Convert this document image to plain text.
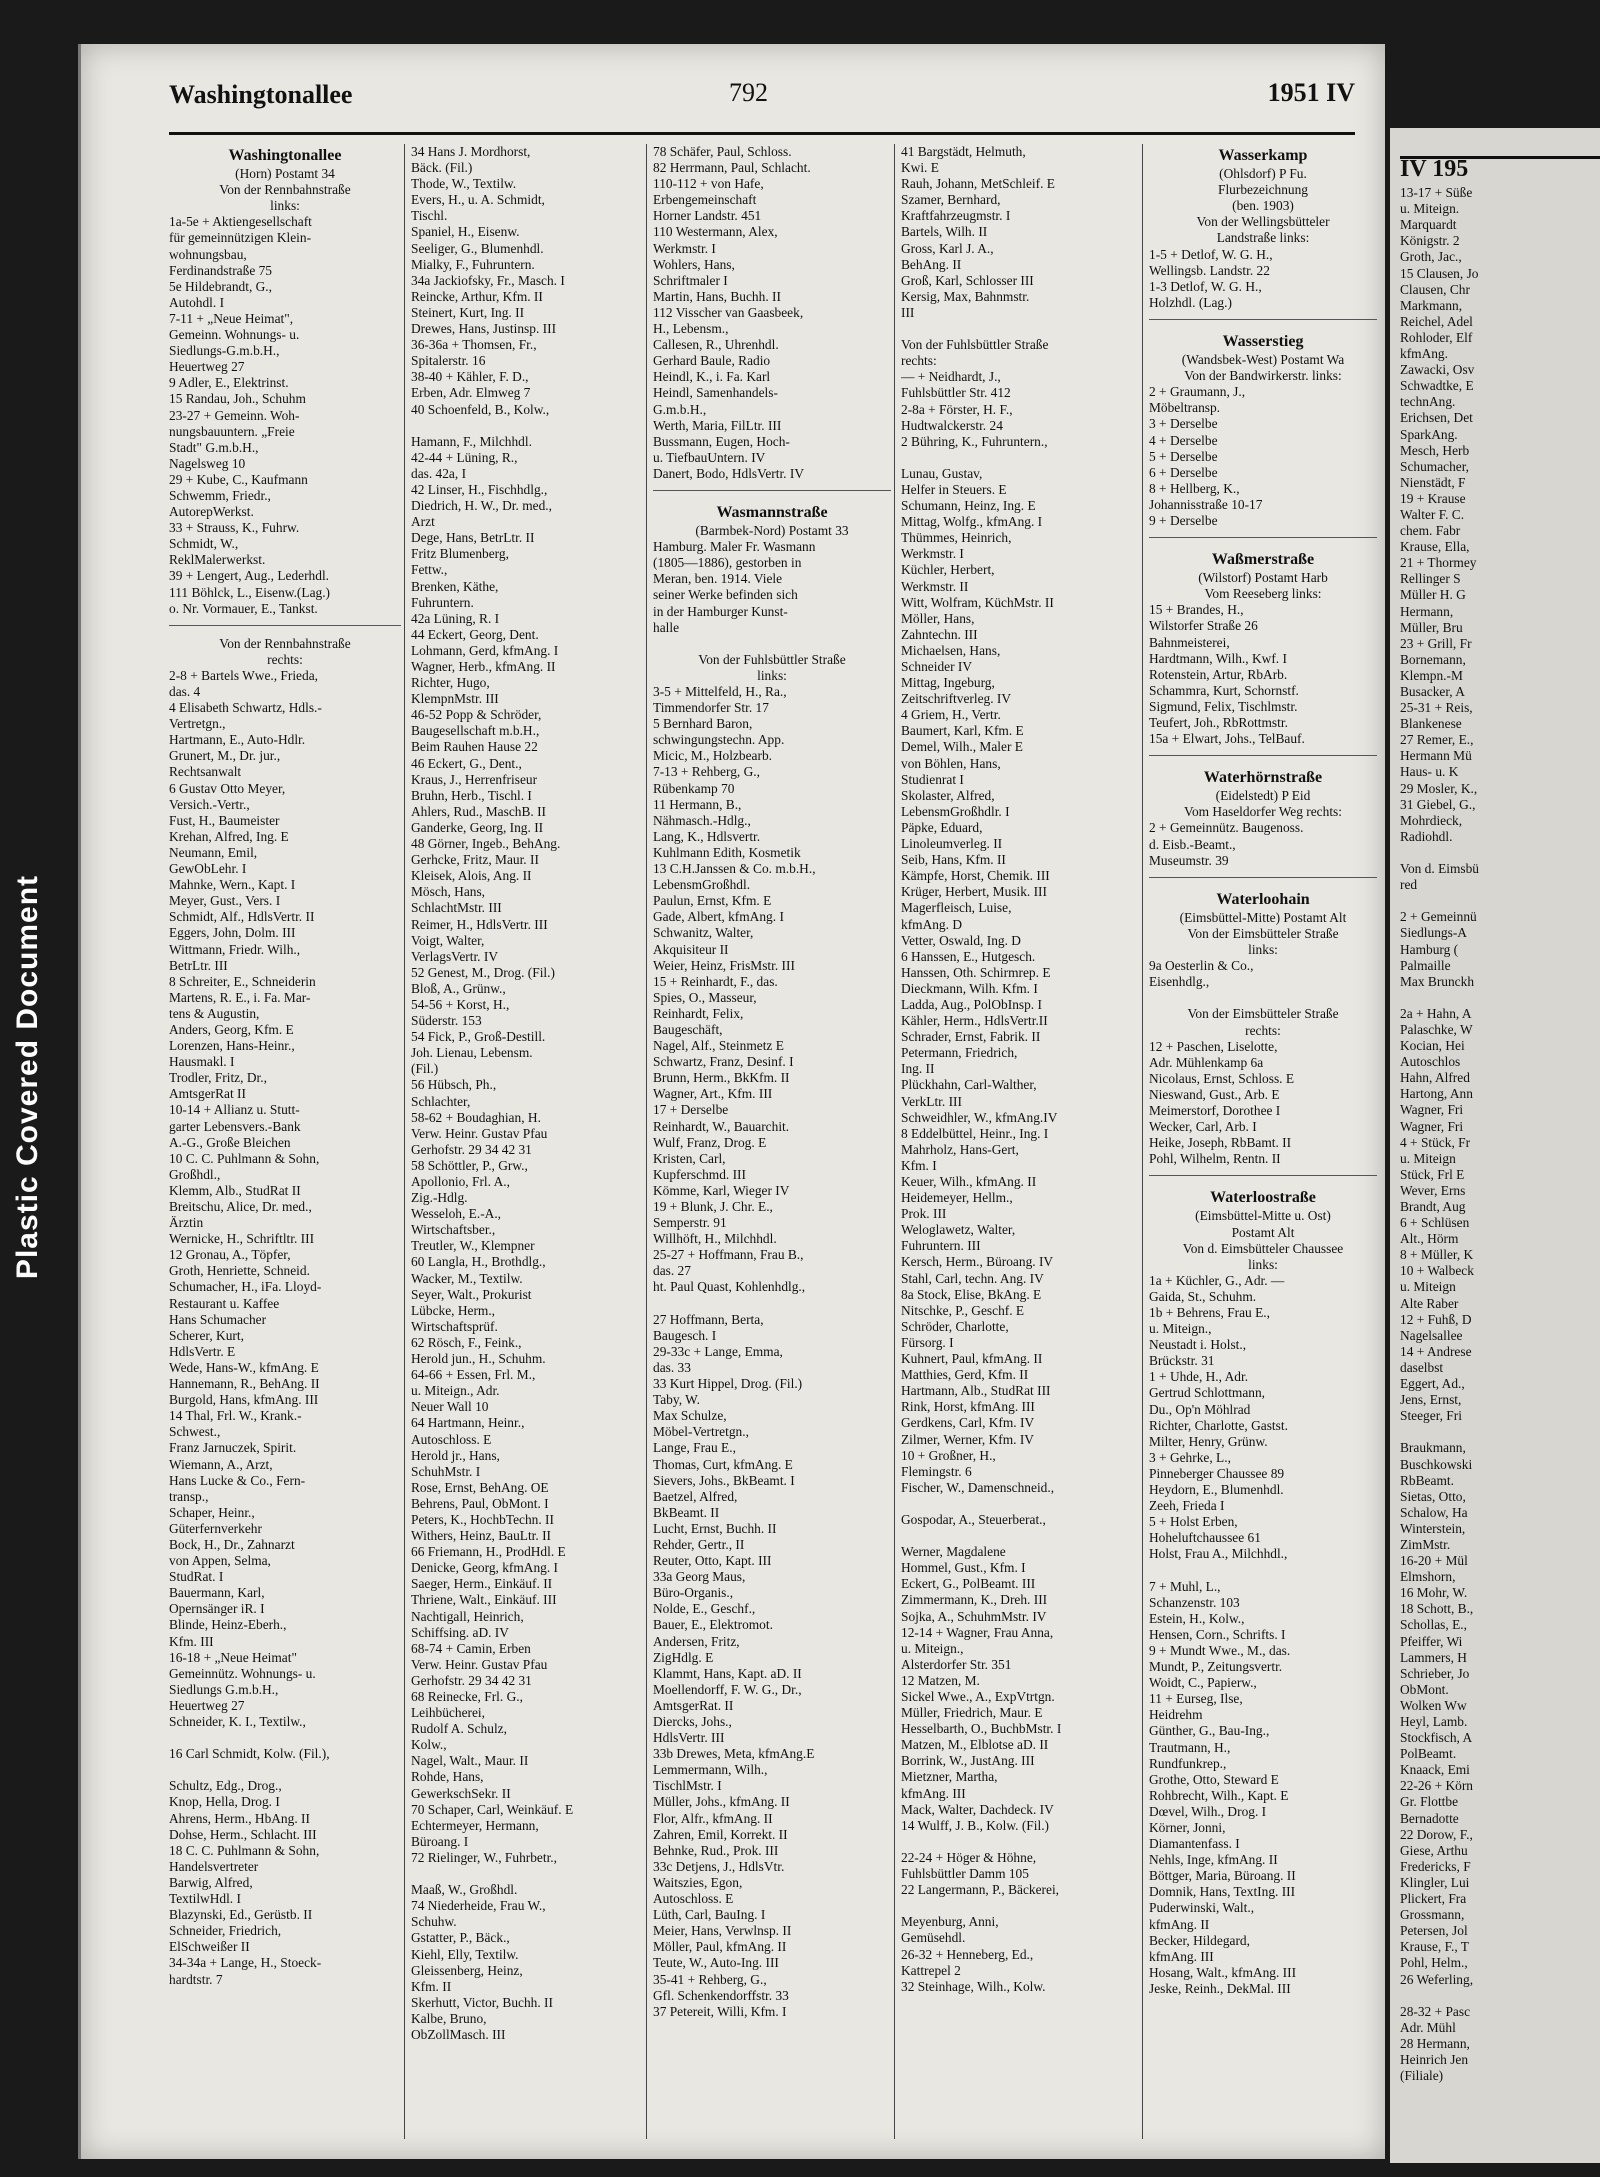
Plastic Covered Document
Washingtonallee	792	1951 IV

Washingtonallee

(Horn) Postamt 34

Von der Rennbahnstraße

links:

1a-5e + Aktiengesellschaft

für gemeinnützigen Klein-

wohnungsbau,

Ferdinandstraße 75

5e Hildebrandt, G.,

Autohdl. I

7-11 + „Neue Heimat",

Gemeinn. Wohnungs- u.

Siedlungs-G.m.b.H.,

Heuertweg 27

9 Adler, E., Elektrinst.

15 Randau, Joh., Schuhm

23-27 + Gemeinn. Woh-

nungsbauuntern. „Freie

Stadt" G.m.b.H.,

Nagelsweg 10

29 + Kube, C., Kaufmann

Schwemm, Friedr.,

AutorepWerkst.

33 + Strauss, K., Fuhrw.

Schmidt, W.,

ReklMalerwerkst.

39 + Lengert, Aug., Lederhdl.

111 Böhlck, L., Eisenw.(Lag.)

o. Nr. Vormauer, E., Tankst.

Von der Rennbahnstraße

rechts:

2-8 + Bartels Wwe., Frieda,

das. 4

4 Elisabeth Schwartz, Hdls.-

Vertretgn.,

Hartmann, E., Auto-Hdlr.

Grunert, M., Dr. jur.,

Rechtsanwalt

6 Gustav Otto Meyer,

Versich.-Vertr.,

Fust, H., Baumeister

Krehan, Alfred, Ing. E

Neumann, Emil,

GewObLehr. I

Mahnke, Wern., Kapt. I

Meyer, Gust., Vers. I

Schmidt, Alf., HdlsVertr. II

Eggers, John, Dolm. III

Wittmann, Friedr. Wilh.,

BetrLtr. III

8 Schreiter, E., Schneiderin

Martens, R. E., i. Fa. Mar-

tens & Augustin,

Anders, Georg, Kfm. E

Lorenzen, Hans-Heinr.,

Hausmakl. I

Trodler, Fritz, Dr.,

AmtsgerRat II

10-14 + Allianz u. Stutt-

garter Lebensvers.-Bank

A.-G., Große Bleichen

10 C. C. Puhlmann & Sohn,

Großhdl.,

Klemm, Alb., StudRat II

Breitschu, Alice, Dr. med.,

Ärztin

Wernicke, H., Schriftltr. III

12 Gronau, A., Töpfer,

Groth, Henriette, Schneid.

Schumacher, H., iFa. Lloyd-

Restaurant u. Kaffee

Hans Schumacher

Scherer, Kurt,

HdlsVertr. E

Wede, Hans-W., kfmAng. E

Hannemann, R., BehAng. II

Burgold, Hans, kfmAng. III

14 Thal, Frl. W., Krank.-

Schwest.,

Franz Jarnuczek, Spirit.

Wiemann, A., Arzt,

Hans Lucke & Co., Fern-

transp.,

Schaper, Heinr.,

Güterfernverkehr

Bock, H., Dr., Zahnarzt

von Appen, Selma,

StudRat. I

Bauermann, Karl,

Opernsänger iR. I

Blinde, Heinz-Eberh.,

Kfm. III

16-18 + „Neue Heimat"

Gemeinnütz. Wohnungs- u.

Siedlungs G.m.b.H.,

Heuertweg 27

Schneider, K. I., Textilw.,

16 Carl Schmidt, Kolw. (Fil.),

Schultz, Edg., Drog.,

Knop, Hella, Drog. I

Ahrens, Herm., HbAng. II

Dohse, Herm., Schlacht. III

18 C. C. Puhlmann & Sohn,

Handelsvertreter

Barwig, Alfred,

TextilwHdl. I

Blazynski, Ed., Gerüstb. II

Schneider, Friedrich,

ElSchweißer II

34-34a + Lange, H., Stoeck-

hardtstr. 7

34 Hans J. Mordhorst,

Bäck. (Fil.)

Thode, W., Textilw.

Evers, H., u. A. Schmidt,

Tischl.

Spaniel, H., Eisenw.

Seeliger, G., Blumenhdl.

Mialky, F., Fuhruntern.

34a Jackiofsky, Fr., Masch. I

Reincke, Arthur, Kfm. II

Steinert, Kurt, Ing. II

Drewes, Hans, Justinsp. III

36-36a + Thomsen, Fr.,

Spitalerstr. 16

38-40 + Kähler, F. D.,

Erben, Adr. Elmweg 7

40 Schoenfeld, B., Kolw.,

Hamann, F., Milchhdl.

42-44 + Lüning, R.,

das. 42a, I

42 Linser, H., Fischhdlg.,

Diedrich, H. W., Dr. med.,

Arzt

Dege, Hans, BetrLtr. II

Fritz Blumenberg,

Fettw.,

Brenken, Käthe,

Fuhruntern.

42a Lüning, R. I

44 Eckert, Georg, Dent.

Lohmann, Gerd, kfmAng. I

Wagner, Herb., kfmAng. II

Richter, Hugo,

KlempnMstr. III

46-52 Popp & Schröder,

Baugesellschaft m.b.H.,

Beim Rauhen Hause 22

46 Eckert, G., Dent.,

Kraus, J., Herrenfriseur

Bruhn, Herb., Tischl. I

Ahlers, Rud., MaschB. II

Ganderke, Georg, Ing. II

48 Görner, Ingeb., BehAng.

Gerhcke, Fritz, Maur. II

Kleisek, Alois, Ang. II

Mösch, Hans,

SchlachtMstr. III

Reimer, H., HdlsVertr. III

Voigt, Walter,

VerlagsVertr. IV

52 Genest, M., Drog. (Fil.)

Bloß, A., Grünw.,

54-56 + Korst, H.,

Süderstr. 153

54 Fick, P., Groß-Destill.

Joh. Lienau, Lebensm.

(Fil.)

56 Hübsch, Ph.,

Schlachter,

58-62 + Boudaghian, H.

Verw. Heinr. Gustav Pfau

Gerhofstr. 29 34 42 31

58 Schöttler, P., Grw.,

Apollonio, Frl. A.,

Zig.-Hdlg.

Wesseloh, E.-A.,

Wirtschaftsber.,

Treutler, W., Klempner

60 Langla, H., Brothdlg.,

Wacker, M., Textilw.

Seyer, Walt., Prokurist

Lübcke, Herm.,

Wirtschaftsprüf.

62 Rösch, F., Feink.,

Herold jun., H., Schuhm.

64-66 + Essen, Frl. M.,

u. Miteign., Adr.

Neuer Wall 10

64 Hartmann, Heinr.,

Autoschloss. E

Herold jr., Hans,

SchuhMstr. I

Rose, Ernst, BehAng. OE

Behrens, Paul, ObMont. I

Peters, K., HochbTechn. II

Withers, Heinz, BauLtr. II

66 Friemann, H., ProdHdl. E

Denicke, Georg, kfmAng. I

Saeger, Herm., Einkäuf. II

Thriene, Walt., Einkäuf. III

Nachtigall, Heinrich,

Schiffsing. aD. IV

68-74 + Camin, Erben

Verw. Heinr. Gustav Pfau

Gerhofstr. 29 34 42 31

68 Reinecke, Frl. G.,

Leihbücherei,

Rudolf A. Schulz,

Kolw.,

Nagel, Walt., Maur. II

Rohde, Hans,

GewerkschSekr. II

70 Schaper, Carl, Weinkäuf. E

Echtermeyer, Hermann,

Büroang. I

72 Rielinger, W., Fuhrbetr.,

Maaß, W., Großhdl.

74 Niederheide, Frau W.,

Schuhw.

Gstatter, P., Bäck.,

Kiehl, Elly, Textilw.

Gleissenberg, Heinz,

Kfm. II

Skerhutt, Victor, Buchh. II

Kalbe, Bruno,

ObZollMasch. III

78 Schäfer, Paul, Schloss.

82 Herrmann, Paul, Schlacht.

110-112 + von Hafe,

Erbengemeinschaft

Horner Landstr. 451

110 Westermann, Alex,

Werkmstr. I

Wohlers, Hans,

Schriftmaler I

Martin, Hans, Buchh. II

112 Visscher van Gaasbeek,

H., Lebensm.,

Callesen, R., Uhrenhdl.

Gerhard Baule, Radio

Heindl, K., i. Fa. Karl

Heindl, Samenhandels-

G.m.b.H.,

Werth, Maria, FilLtr. III

Bussmann, Eugen, Hoch-

u. TiefbauUntern. IV

Danert, Bodo, HdlsVertr. IV

Wasmannstraße

(Barmbek-Nord) Postamt 33

Hamburg. Maler Fr. Wasmann

(1805—1886), gestorben in

Meran, ben. 1914. Viele

seiner Werke befinden sich

in der Hamburger Kunst-

halle

Von der Fuhlsbüttler Straße

links:

3-5 + Mittelfeld, H., Ra.,

Timmendorfer Str. 17

5 Bernhard Baron,

schwingungstechn. App.

Micic, M., Holzbearb.

7-13 + Rehberg, G.,

Rübenkamp 70

11 Hermann, B.,

Nähmasch.-Hdlg.,

Lang, K., Hdlsvertr.

Kuhlmann Edith, Kosmetik

13 C.H.Janssen & Co. m.b.H.,

LebensmGroßhdl.

Paulun, Ernst, Kfm. E

Gade, Albert, kfmAng. I

Schwanitz, Walter,

Akquisiteur II

Weier, Heinz, FrisMstr. III

15 + Reinhardt, F., das.

Spies, O., Masseur,

Reinhardt, Felix,

Baugeschäft,

Nagel, Alf., Steinmetz E

Schwartz, Franz, Desinf. I

Brunn, Herm., BkKfm. II

Wagner, Art., Kfm. III

17 + Derselbe

Reinhardt, W., Bauarchit.

Wulf, Franz, Drog. E

Kristen, Carl,

Kupferschmd. III

Kömme, Karl, Wieger IV

19 + Blunk, J. Chr. E.,

Semperstr. 91

Willhöft, H., Milchhdl.

25-27 + Hoffmann, Frau B.,

das. 27

ht. Paul Quast, Kohlenhdlg.,

27 Hoffmann, Berta,

Baugesch. I

29-33c + Lange, Emma,

das. 33

33 Kurt Hippel, Drog. (Fil.)

Taby, W.

Max Schulze,

Möbel-Vertretgn.,

Lange, Frau E.,

Thomas, Curt, kfmAng. E

Sievers, Johs., BkBeamt. I

Baetzel, Alfred,

BkBeamt. II

Lucht, Ernst, Buchh. II

Rehder, Gertr., II

Reuter, Otto, Kapt. III

33a Georg Maus,

Büro-Organis.,

Nolde, E., Geschf.,

Bauer, E., Elektromot.

Andersen, Fritz,

ZigHdlg. E

Klammt, Hans, Kapt. aD. II

Moellendorff, F. W. G., Dr.,

AmtsgerRat. II

Diercks, Johs.,

HdlsVertr. III

33b Drewes, Meta, kfmAng.E

Lemmermann, Wilh.,

TischlMstr. I

Müller, Johs., kfmAng. II

Flor, Alfr., kfmAng. II

Zahren, Emil, Korrekt. II

Behnke, Rud., Prok. III

33c Detjens, J., HdlsVtr.

Waitszies, Egon,

Autoschloss. E

Lüth, Carl, BauIng. I

Meier, Hans, Verwlnsp. II

Möller, Paul, kfmAng. II

Teute, W., Auto-Ing. III

35-41 + Rehberg, G.,

Gfl. Schenkendorffstr. 33

37 Petereit, Willi, Kfm. I

41 Bargstädt, Helmuth,

Kwi. E

Rauh, Johann, MetSchleif. E

Szamer, Bernhard,

Kraftfahrzeugmstr. I

Bartels, Wilh. II

Gross, Karl J. A.,

BehAng. II

Groß, Karl, Schlosser III

Kersig, Max, Bahnmstr.

III

Von der Fuhlsbüttler Straße

rechts:

— + Neidhardt, J.,

Fuhlsbüttler Str. 412

2-8a + Förster, H. F.,

Hudtwalckerstr. 24

2 Bühring, K., Fuhruntern.,

Lunau, Gustav,

Helfer in Steuers. E

Schumann, Heinz, Ing. E

Mittag, Wolfg., kfmAng. I

Thümmes, Heinrich,

Werkmstr. I

Küchler, Herbert,

Werkmstr. II

Witt, Wolfram, KüchMstr. II

Möller, Hans,

Zahntechn. III

Michaelsen, Hans,

Schneider IV

Mittag, Ingeburg,

Zeitschriftverleg. IV

4 Griem, H., Vertr.

Baumert, Karl, Kfm. E

Demel, Wilh., Maler E

von Böhlen, Hans,

Studienrat I

Skolaster, Alfred,

LebensmGroßhdlr. I

Päpke, Eduard,

Linoleumverleg. II

Seib, Hans, Kfm. II

Kämpfe, Horst, Chemik. III

Krüger, Herbert, Musik. III

Magerfleisch, Luise,

kfmAng. D

Vetter, Oswald, Ing. D

6 Hanssen, E., Hutgesch.

Hanssen, Oth. Schirmrep. E

Dieckmann, Wilh. Kfm. I

Ladda, Aug., PolObInsp. I

Kähler, Herm., HdlsVertr.II

Schrader, Ernst, Fabrik. II

Petermann, Friedrich,

Ing. II

Plückhahn, Carl-Walther,

VerkLtr. III

Schweidhler, W., kfmAng.IV

8 Eddelbüttel, Heinr., Ing. I

Mahrholz, Hans-Gert,

Kfm. I

Keuer, Wilh., kfmAng. II

Heidemeyer, Hellm.,

Prok. III

Weloglawetz, Walter,

Fuhruntern. III

Kersch, Herm., Büroang. IV

Stahl, Carl, techn. Ang. IV

8a Stock, Elise, BkAng. E

Nitschke, P., Geschf. E

Schröder, Charlotte,

Fürsorg. I

Kuhnert, Paul, kfmAng. II

Matthies, Gerd, Kfm. II

Hartmann, Alb., StudRat III

Rink, Horst, kfmAng. III

Gerdkens, Carl, Kfm. IV

Zilmer, Werner, Kfm. IV

10 + Großner, H.,

Flemingstr. 6

Fischer, W., Damenschneid.,

Gospodar, A., Steuerberat.,

Werner, Magdalene

Hommel, Gust., Kfm. I

Eckert, G., PolBeamt. III

Zimmermann, K., Dreh. III

Sojka, A., SchuhmMstr. IV

12-14 + Wagner, Frau Anna,

u. Miteign.,

Alsterdorfer Str. 351

12 Matzen, M.

Sickel Wwe., A., ExpVtrtgn.

Müller, Friedrich, Maur. E

Hesselbarth, O., BuchbMstr. I

Matzen, M., Elblotse aD. II

Borrink, W., JustAng. III

Mietzner, Martha,

kfmAng. III

Mack, Walter, Dachdeck. IV

14 Wulff, J. B., Kolw. (Fil.)

22-24 + Höger & Höhne,

Fuhlsbüttler Damm 105

22 Langermann, P., Bäckerei,

Meyenburg, Anni,

Gemüsehdl.

26-32 + Henneberg, Ed.,

Kattrepel 2

32 Steinhage, Wilh., Kolw.

Wasserkamp

(Ohlsdorf) P Fu.

Flurbezeichnung

(ben. 1903)

Von der Wellingsbütteler

Landstraße links:

1-5 + Detlof, W. G. H.,

Wellingsb. Landstr. 22

1-3 Detlof, W. G. H.,

Holzhdl. (Lag.)

Wasserstieg

(Wandsbek-West) Postamt Wa

Von der Bandwirkerstr. links:

2 + Graumann, J.,

Möbeltransp.

3 + Derselbe

4 + Derselbe

5 + Derselbe

6 + Derselbe

8 + Hellberg, K.,

Johannisstraße 10-17

9 + Derselbe

Waßmerstraße

(Wilstorf) Postamt Harb

Vom Reeseberg links:

15 + Brandes, H.,

Wilstorfer Straße 26

Bahnmeisterei,

Hardtmann, Wilh., Kwf. I

Rotenstein, Artur, RbArb.

Schammra, Kurt, Schornstf.

Sigmund, Felix, Tischlmstr.

Teufert, Joh., RbRottmstr.

15a + Elwart, Johs., TelBauf.

Waterhörnstraße

(Eidelstedt) P Eid

Vom Haseldorfer Weg rechts:

2 + Gemeinnütz. Baugenoss.

d. Eisb.-Beamt.,

Museumstr. 39

Waterloohain

(Eimsbüttel-Mitte) Postamt Alt

Von der Eimsbütteler Straße

links:

9a Oesterlin & Co.,

Eisenhdlg.,

Von der Eimsbütteler Straße

rechts:

12 + Paschen, Liselotte,

Adr. Mühlenkamp 6a

Nicolaus, Ernst, Schloss. E

Nieswand, Gust., Arb. E

Meimerstorf, Dorothee I

Wecker, Carl, Arb. I

Heike, Joseph, RbBamt. II

Pohl, Wilhelm, Rentn. II

Waterloostraße

(Eimsbüttel-Mitte u. Ost)

Postamt Alt

Von d. Eimsbütteler Chaussee

links:

1a + Küchler, G., Adr. —

Gaida, St., Schuhm.

1b + Behrens, Frau E.,

u. Miteign.,

Neustadt i. Holst.,

Brückstr. 31

1 + Uhde, H., Adr.

Gertrud Schlottmann,

Du., Op'n Möhlrad

Richter, Charlotte, Gastst.

Milter, Henry, Grünw.

3 + Gehrke, L.,

Pinneberger Chaussee 89

Heydorn, E., Blumenhdl.

Zeeh, Frieda I

5 + Holst Erben,

Hoheluftchaussee 61

Holst, Frau A., Milchhdl.,

7 + Muhl, L.,

Schanzenstr. 103

Estein, H., Kolw.,

Hensen, Corn., Schrifts. I

9 + Mundt Wwe., M., das.

Mundt, P., Zeitungsvertr.

Woidt, C., Papierw.,

11 + Eurseg, Ilse,

Heidrehm

Günther, G., Bau-Ing.,

Trautmann, H.,

Rundfunkrep.,

Grothe, Otto, Steward E

Rohbrecht, Wilh., Kapt. E

Dœvel, Wilh., Drog. I

Körner, Jonni,

Diamantenfass. I

Nehls, Inge, kfmAng. II

Böttger, Maria, Büroang. II

Domnik, Hans, TextIng. III

Puderwinski, Walt.,

kfmAng. II

Becker, Hildegard,

kfmAng. III

Hosang, Walt., kfmAng. III

Jeske, Reinh., DekMal. III

IV 195

13-17 + Süße

u. Miteign.

Marquardt

Königstr. 2

Groth, Jac.,

15 Clausen, Jo

Clausen, Chr

Markmann,

Reichel, Adel

Rohloder, Elf

kfmAng.

Zawacki, Osv

Schwadtke, E

technAng.

Erichsen, Det

SparkAng.

Mesch, Herb

Schumacher,

Nienstädt, F

19 + Krause

Walter F. C.

chem. Fabr

Krause, Ella,

21 + Thormey

Rellinger S

Müller H. G

Hermann,

Müller, Bru

23 + Grill, Fr

Bornemann,

Klempn.-M

Busacker, A

25-31 + Reis,

Blankenese

27 Remer, E.,

Hermann Mü

Haus- u. K

29 Mosler, K.,

31 Giebel, G.,

Mohrdieck,

Radiohdl.

Von d. Eimsbü

red

2 + Gemeinnü

Siedlungs-A

Hamburg (

Palmaille

Max Brunckh

2a + Hahn, A

Palaschke, W

Kocian, Hei

Autoschlos

Hahn, Alfred

Hartong, Ann

Wagner, Fri

Wagner, Fri

4 + Stück, Fr

u. Miteign

Stück, Frl E

Wever, Erns

Brandt, Aug

6 + Schlüsen

Alt., Hörm

8 + Müller, K

10 + Walbeck

u. Miteign

Alte Raber

12 + Fuhß, D

Nagelsallee

14 + Andrese

daselbst

Eggert, Ad.,

Jens, Ernst,

Steeger, Fri

Braukmann,

Buschkowski

RbBeamt.

Sietas, Otto,

Schalow, Ha

Winterstein,

ZimMstr.

16-20 + Mül

Elmshorn,

16 Mohr, W.

18 Schott, B.,

Schollas, E.,

Pfeiffer, Wi

Lammers, H

Schrieber, Jo

ObMont.

Wolken Ww

Heyl, Lamb.

Stockfisch, A

PolBeamt.

Knaack, Emi

22-26 + Körn

Gr. Flottbe

Bernadotte

22 Dorow, F.,

Giese, Arthu

Fredericks, F

Klingler, Lui

Plickert, Fra

Grossmann,

Petersen, Jol

Krause, F., T

Pohl, Helm.,

26 Weferling,

28-32 + Pasc

Adr. Mühl

28 Hermann,

Heinrich Jen

(Filiale)
